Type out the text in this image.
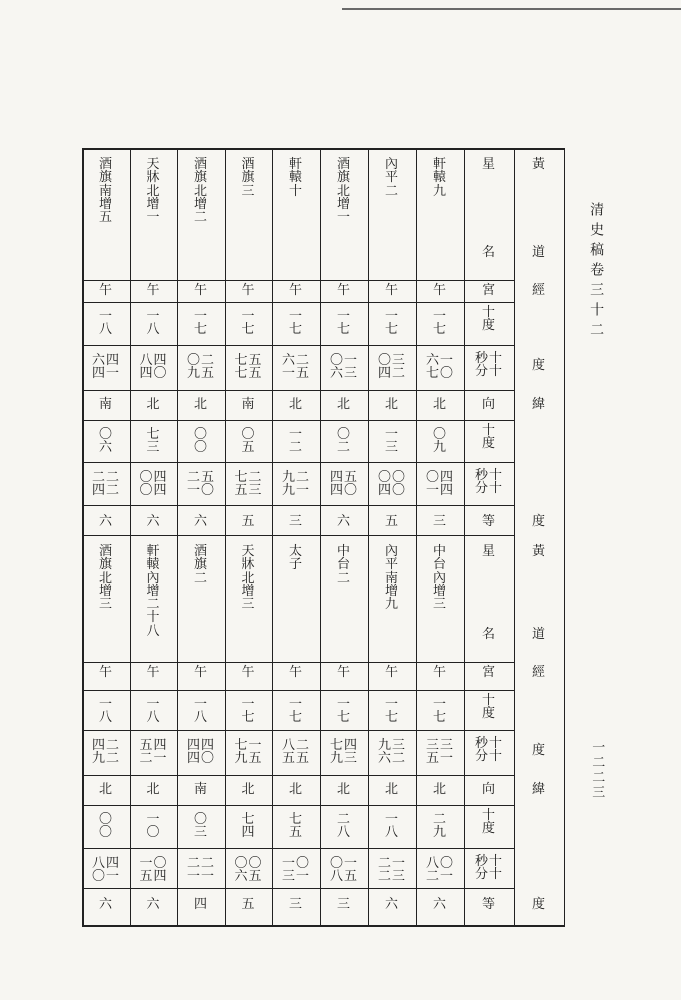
清史稿卷三十二
一二二三
軒
轅
九
午
一
七
一
〇
六
七
北
〇
九
四
四
〇
一
三
內
平
二
午
一
七
三
二
〇
四
北
一
三
〇
〇
〇
四
五
酒
旗
北
增
一
午
一
七
一
三
〇
六
北
〇
二
五
〇
四
四
六
軒
轅
十
午
一
七
二
五
六
一
北
一
二
二
一
九
九
三
酒
旗
三
午
一
七
五
五
七
七
南
〇
五
二
三
七
五
五
酒
旗
北
增
二
午
一
七
二
五
〇
九
北
〇
〇
五
〇
二
一
六
天
牀
北
增
一
午
一
八
四
〇
八
四
北
七
三
四
四
〇
〇
六
酒
旗
南
增
五
午
一
八
四
一
六
四
南
〇
六
二
二
二
四
六
中
台
內
增
三
午
一
七
三
一
三
五
北
二
九
〇
一
八
二
六
內
平
南
增
九
午
一
七
三
二
九
六
北
一
八
一
三
二
二
六
中
台
二
午
一
七
四
三
七
九
北
二
八
一
五
〇
八
三
太
子
午
一
七
二
五
八
五
北
七
五
〇
一
一
三
三
天
牀
北
增
三
午
一
七
一
五
七
九
北
七
四
〇
五
〇
六
五
酒
旗
二
午
一
八
四
〇
四
四
南
〇
三
二
一
二
一
四
軒
轅
內
增
二
十
八
午
一
八
四
一
五
二
北
一
〇
〇
四
一
五
六
酒
旗
北
增
三
午
一
八
二
二
四
九
北
〇
〇
四
一
八
〇
六
星
名
宮
十
度
十
十
秒
分
向
十
度
十
十
秒
分
等
黃
道
經
度
緯
度
星
名
宮
十
度
十
十
秒
分
向
十
度
十
十
秒
分
等
黃
道
經
度
緯
度
